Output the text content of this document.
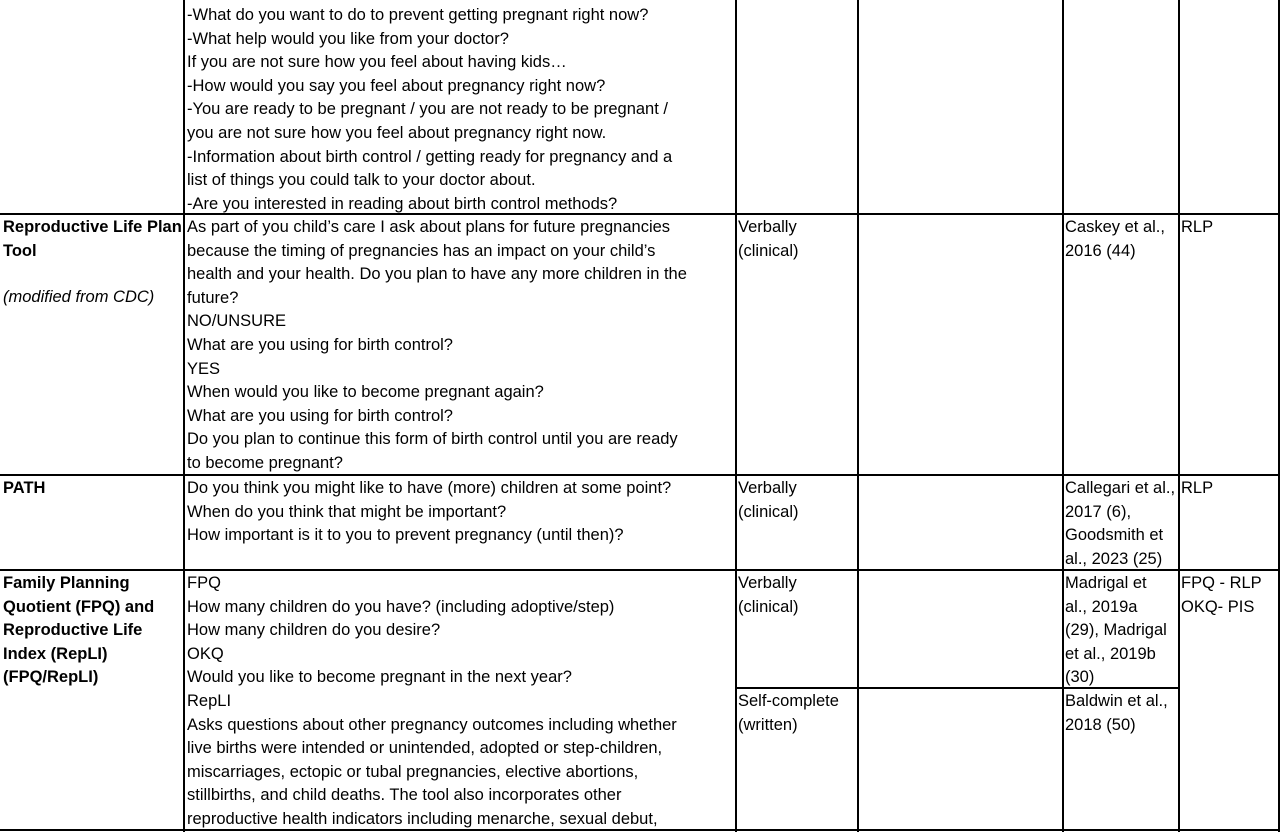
-What do you want to do to prevent getting pregnant right now?
-What help would you like from your doctor?
If you are not sure how you feel about having kids…
-How would you say you feel about pregnancy right now?
-You are ready to be pregnant / you are not ready to be pregnant /
you are not sure how you feel about pregnancy right now.
-Information about birth control / getting ready for pregnancy and a
list of things you could talk to your doctor about.
-Are you interested in reading about birth control methods?
Reproductive Life Plan
Tool
(modified from CDC)
As part of you child’s care I ask about plans for future pregnancies
because the timing of pregnancies has an impact on your child’s
health and your health. Do you plan to have any more children in the
future?
NO/UNSURE
What are you using for birth control?
YES
When would you like to become pregnant again?
What are you using for birth control?
Do you plan to continue this form of birth control until you are ready
to become pregnant?
Verbally
(clinical)
Caskey et al.,
2016 (44)
RLP
PATH	Do you think you might like to have (more) children at some point?
When do you think that might be important?
How important is it to you to prevent pregnancy (until then)?
Verbally
(clinical)
Callegari et al.,
2017 (6),
Goodsmith et
al., 2023 (25)
RLP
Family Planning
Quotient (FPQ) and
Reproductive Life
Index (RepLI)
(FPQ/RepLI)
FPQ
How many children do you have? (including adoptive/step)
How many children do you desire?
OKQ
Would you like to become pregnant in the next year?
RepLI
Asks questions about other pregnancy outcomes including whether
live births were intended or unintended, adopted or step-children,
miscarriages, ectopic or tubal pregnancies, elective abortions,
stillbirths, and child deaths. The tool also incorporates other
reproductive health indicators including menarche, sexual debut,
Verbally
(clinical)
Self-complete
(written)
Madrigal et
al., 2019a
(29), Madrigal
et al., 2019b
(30)
Baldwin et al.,
2018 (50)
FPQ - RLP
OKQ- PIS
